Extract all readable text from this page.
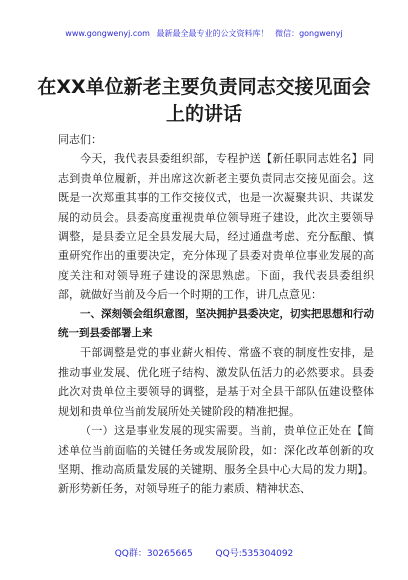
www.gongwenyj.com 最新最全最专业的公文资料库！ 微信：gongwenyj
在XX单位新老主要负责同志交接见面会上的讲话

同志们：

今天，我代表县委组织部，专程护送【新任职同志姓名】同志到贵单位履新，并出席这次新老主要负责同志交接见面会。这既是一次郑重其事的工作交接仪式，也是一次凝聚共识、共谋发展的动员会。县委高度重视贵单位领导班子建设，此次主要领导调整，是县委立足全县发展大局，经过通盘考虑、充分酝酿、慎重研究作出的重要决定，充分体现了县委对贵单位事业发展的高度关注和对领导班子建设的深思熟虑。下面，我代表县委组织部，就做好当前及今后一个时期的工作，讲几点意见：

一、深刻领会组织意图，坚决拥护县委决定，切实把思想和行动统一到县委部署上来

干部调整是党的事业薪火相传、常盛不衰的制度性安排，是推动事业发展、优化班子结构、激发队伍活力的必然要求。县委此次对贵单位主要领导的调整，是基于对全县干部队伍建设整体规划和贵单位当前发展所处关键阶段的精准把握。

（一）这是事业发展的现实需要。当前，贵单位正处在【简述单位当前面临的关键任务或发展阶段，如：深化改革创新的攻坚期、推动高质量发展的关键期、服务全县中心大局的发力期】。新形势新任务，对领导班子的能力素质、精神状态、

QQ群：30265665	QQ号:535304092
